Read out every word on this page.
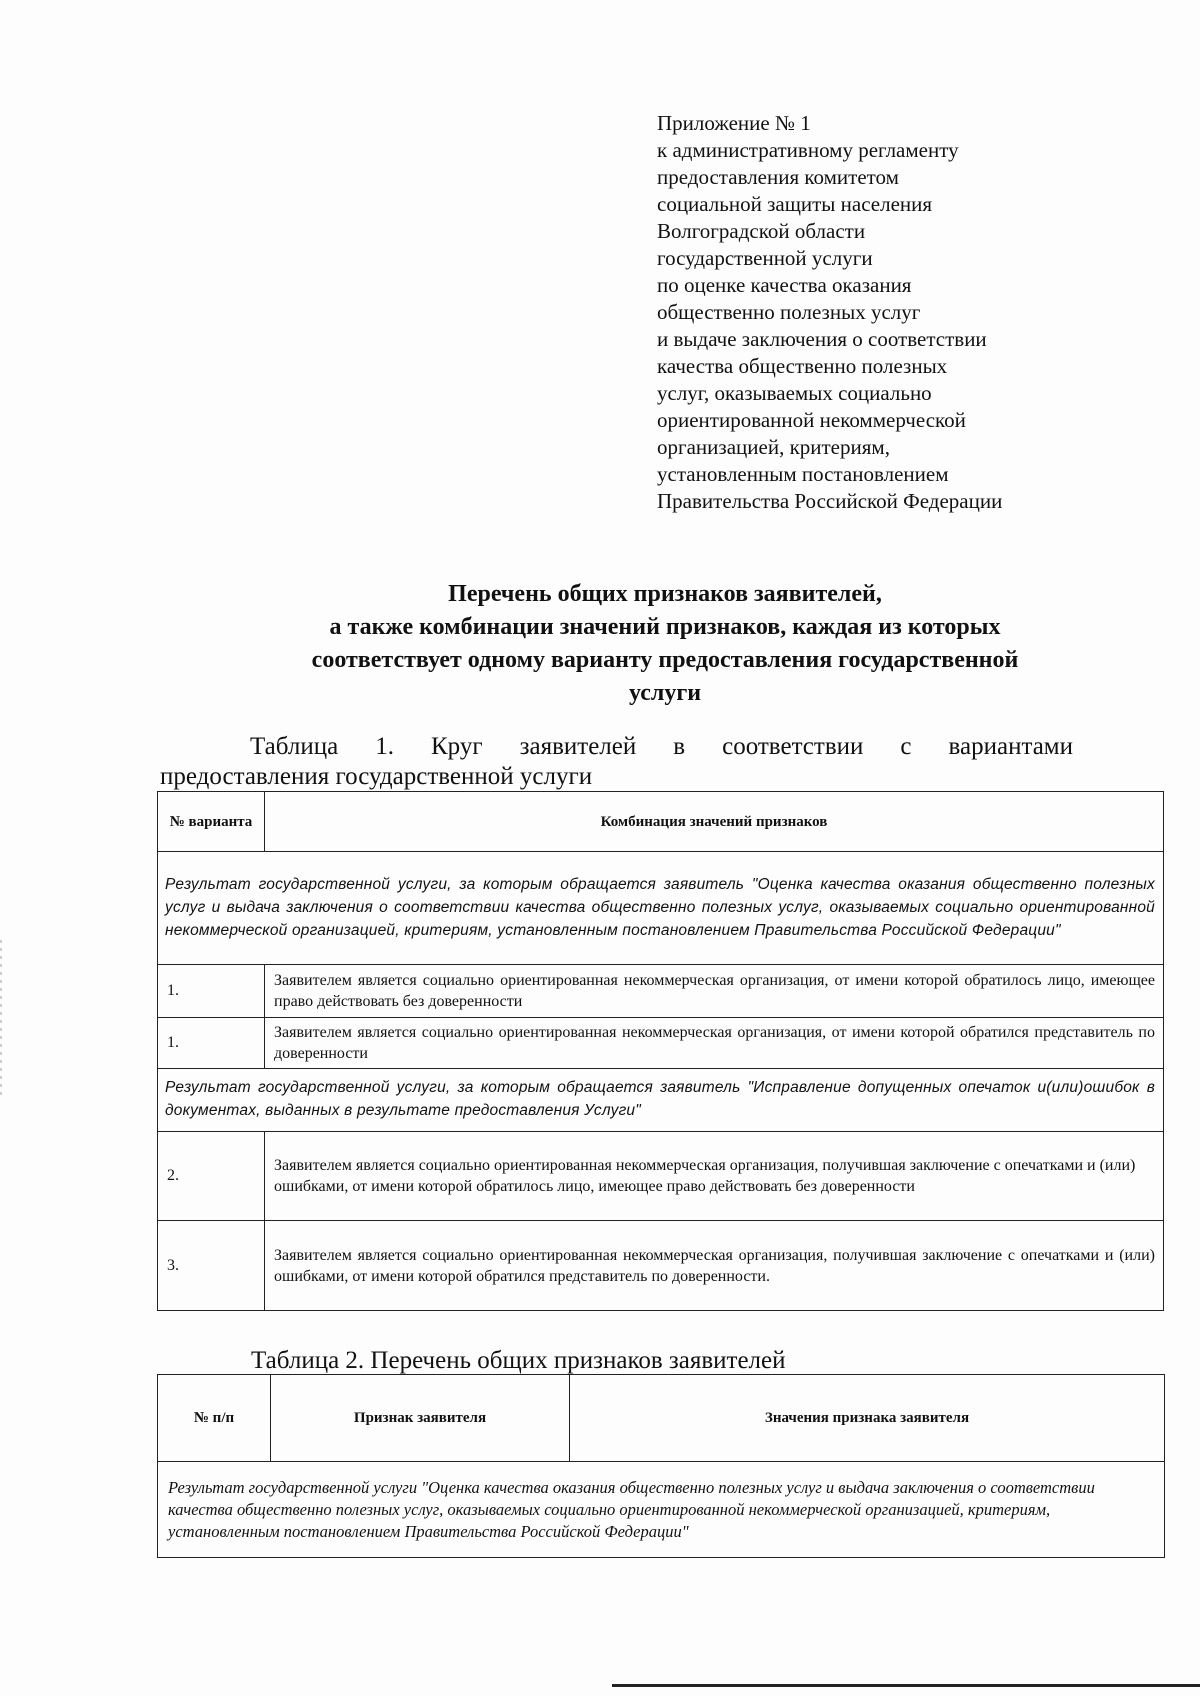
Приложение № 1
к административному регламенту
предоставления комитетом
социальной защиты населения
Волгоградской области
государственной услуги
по оценке качества оказания
общественно полезных услуг
и выдаче заключения о соответствии
качества общественно полезных
услуг, оказываемых социально
ориентированной некоммерческой
организацией, критериям,
установленным постановлением
Правительства Российской Федерации
Перечень общих признаков заявителей,
а также комбинации значений признаков, каждая из которых
соответствует одному варианту предоставления государственной
услуги
Таблица 1. Круг заявителей в соответствии с вариантами
предоставления государственной услуги
№ варианта	Комбинация значений признаков
Результат государственной услуги, за которым обращается заявитель "Оценка качества оказания общественно полезных услуг и выдача заключения о соответствии качества общественно полезных услуг, оказываемых социально ориентированной некоммерческой организацией, критериям, установленным постановлением Правительства Российской Федерации"	
1.	Заявителем является социально ориентированная некоммерческая организация, от имени которой обратилось лицо, имеющее право действовать без доверенности
1.	Заявителем является социально ориентированная некоммерческая организация, от имени которой обратился представитель по доверенности
Результат государственной услуги, за которым обращается заявитель "Исправление допущенных опечаток и(или)ошибок в документах, выданных в результате предоставления Услуги"	
2.	Заявителем является социально ориентированная некоммерческая организация, получившая заключение с опечатками и (или) ошибками, от имени которой обратилось лицо, имеющее право действовать без доверенности
3.	Заявителем является социально ориентированная некоммерческая организация, получившая заключение с опечатками и (или) ошибками, от имени которой обратился представитель по доверенности.
Таблица 2. Перечень общих признаков заявителей
№ п/п	Признак заявителя	Значения признака заявителя
Результат государственной услуги "Оценка качества оказания общественно полезных услуг и выдача заключения о соответствии качества общественно полезных услуг, оказываемых социально ориентированной некоммерческой организацией, критериям, установленным постановлением Правительства Российской Федерации"
